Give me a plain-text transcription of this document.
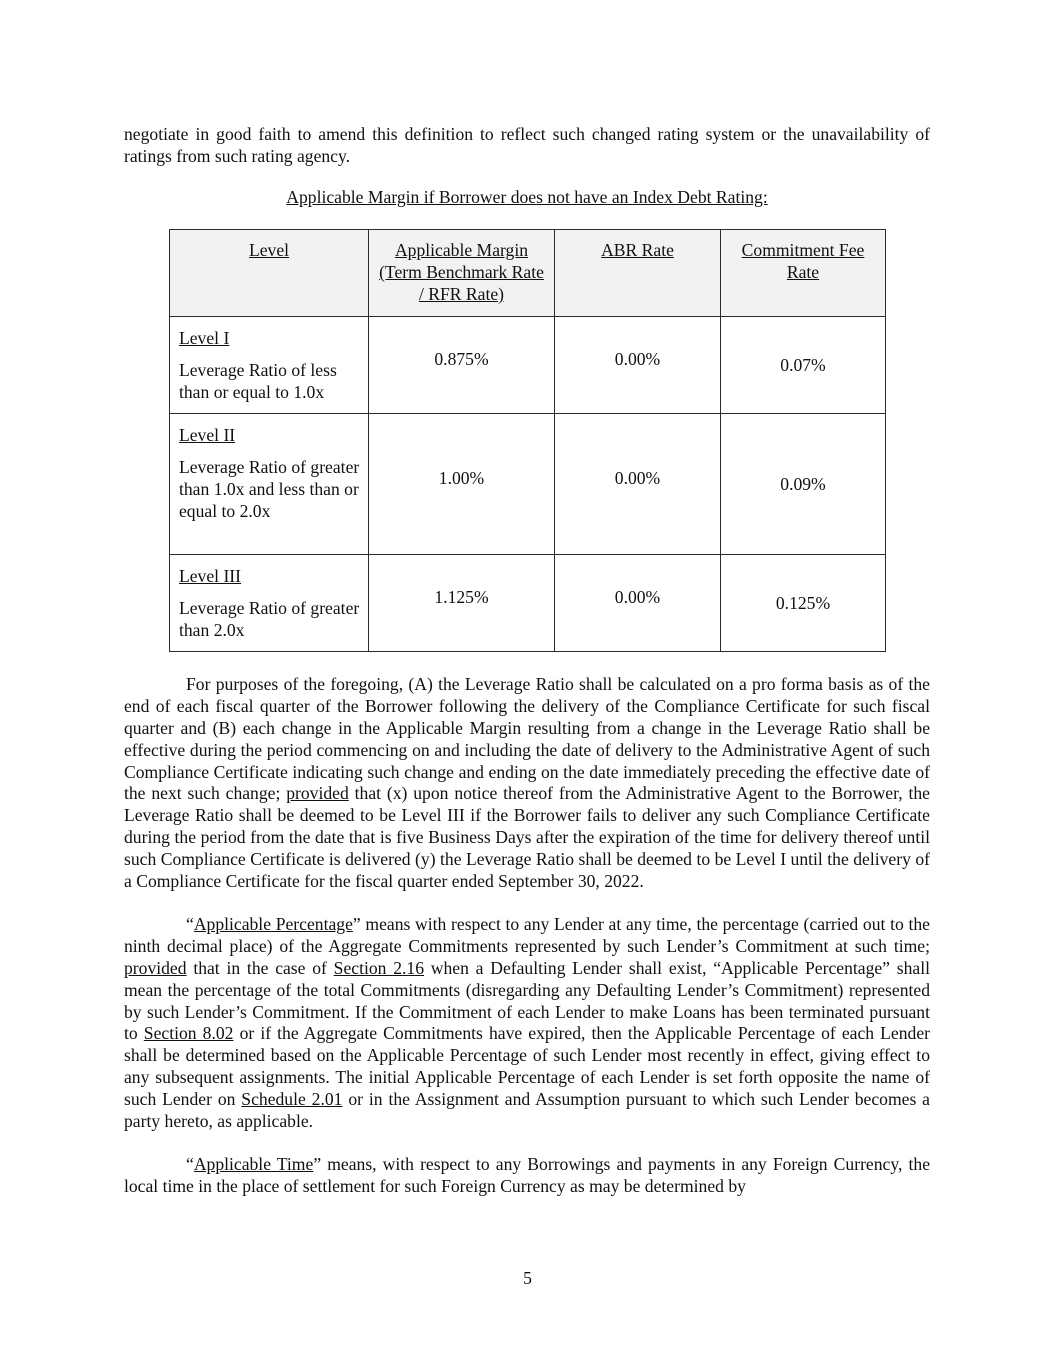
negotiate in good faith to amend this definition to reflect such changed rating system or the unavailability of ratings from such rating agency.

Applicable Margin if Borrower does not have an Index Debt Rating:

Level	Applicable Margin (Term Benchmark Rate / RFR Rate)	ABR Rate	Commitment Fee Rate

Level I
Leverage Ratio of less than or equal to 1.0x	0.875%	0.00%	0.07%

Level II
Leverage Ratio of greater than 1.0x and less than or equal to 2.0x	1.00%	0.00%	0.09%

Level III
Leverage Ratio of greater than 2.0x	1.125%	0.00%	0.125%

For purposes of the foregoing, (A) the Leverage Ratio shall be calculated on a pro forma basis as of the end of each fiscal quarter of the Borrower following the delivery of the Compliance Certificate for such fiscal quarter and (B) each change in the Applicable Margin resulting from a change in the Leverage Ratio shall be effective during the period commencing on and including the date of delivery to the Administrative Agent of such Compliance Certificate indicating such change and ending on the date immediately preceding the effective date of the next such change; provided that (x) upon notice thereof from the Administrative Agent to the Borrower, the Leverage Ratio shall be deemed to be Level III if the Borrower fails to deliver any such Compliance Certificate during the period from the date that is five Business Days after the expiration of the time for delivery thereof until such Compliance Certificate is delivered (y) the Leverage Ratio shall be deemed to be Level I until the delivery of a Compliance Certificate for the fiscal quarter ended September 30, 2022.

“Applicable Percentage” means with respect to any Lender at any time, the percentage (carried out to the ninth decimal place) of the Aggregate Commitments represented by such Lender’s Commitment at such time; provided that in the case of Section 2.16 when a Defaulting Lender shall exist, “Applicable Percentage” shall mean the percentage of the total Commitments (disregarding any Defaulting Lender’s Commitment) represented by such Lender’s Commitment. If the Commitment of each Lender to make Loans has been terminated pursuant to Section 8.02 or if the Aggregate Commitments have expired, then the Applicable Percentage of each Lender shall be determined based on the Applicable Percentage of such Lender most recently in effect, giving effect to any subsequent assignments. The initial Applicable Percentage of each Lender is set forth opposite the name of such Lender on Schedule 2.01 or in the Assignment and Assumption pursuant to which such Lender becomes a party hereto, as applicable.

“Applicable Time” means, with respect to any Borrowings and payments in any Foreign Currency, the local time in the place of settlement for such Foreign Currency as may be determined by

5
